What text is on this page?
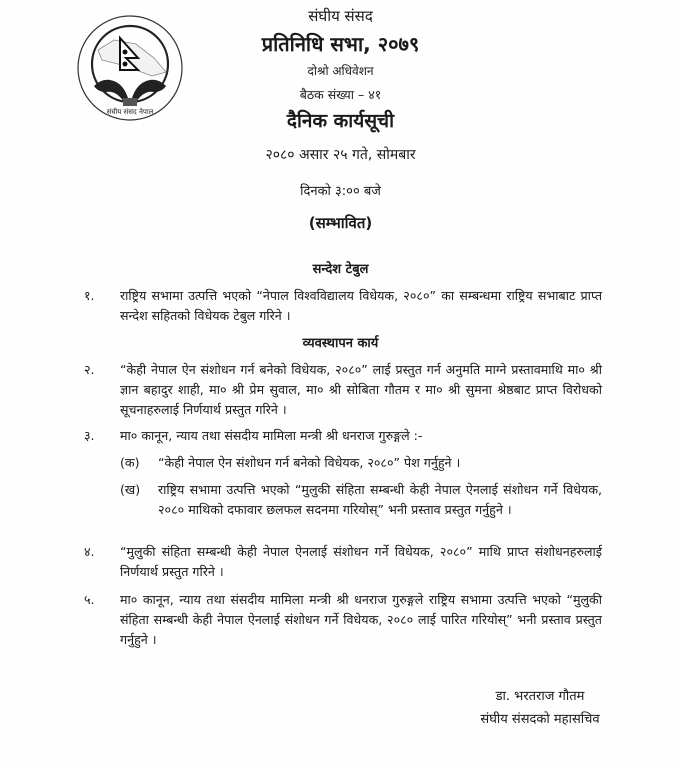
संघीय संसद नेपाल
संघीय संसद
प्रतिनिधि सभा, २०७९
दोश्रो अधिवेशन
बैठक संख्या – ४१
दैनिक कार्यसूची
२०८० असार २५ गते, सोमबार
दिनको ३:०० बजे
(सम्भावित)
सन्देश टेबुल
१.	राष्ट्रिय सभामा उत्पत्ति भएको “नेपाल विश्वविद्यालय विधेयक, २०८०” का सम्बन्धमा राष्ट्रिय सभाबाट प्राप्त सन्देश सहितको विधेयक टेबुल गरिने ।
व्यवस्थापन कार्य
२.	“केही नेपाल ऐन संशोधन गर्न बनेको विधेयक, २०८०” लाई प्रस्तुत गर्न अनुमति माग्ने प्रस्तावमाथि मा० श्री ज्ञान बहादुर शाही, मा० श्री प्रेम सुवाल, मा० श्री सोबिता गौतम र मा० श्री सुमना श्रेष्ठबाट प्राप्त विरोधको सूचनाहरुलाई निर्णयार्थ प्रस्तुत गरिने ।
३.	मा० कानून, न्याय तथा संसदीय मामिला मन्त्री श्री धनराज गुरुङ्गले :-
(क)	“केही नेपाल ऐन संशोधन गर्न बनेको विधेयक, २०८०” पेश गर्नुहुने ।
(ख)	राष्ट्रिय सभामा उत्पत्ति भएको “मुलुकी संहिता सम्बन्धी केही नेपाल ऐनलाई संशोधन गर्ने विधेयक, २०८० माथिको दफावार छलफल सदनमा गरियोस्” भनी प्रस्ताव प्रस्तुत गर्नुहुने ।
४.	“मुलुकी संहिता सम्बन्धी केही नेपाल ऐनलाई संशोधन गर्ने विधेयक, २०८०” माथि प्राप्त संशोधनहरुलाई निर्णयार्थ प्रस्तुत गरिने ।
५.	मा० कानून, न्याय तथा संसदीय मामिला मन्त्री श्री धनराज गुरुङ्गले राष्ट्रिय सभामा उत्पत्ति भएको “मुलुकी संहिता सम्बन्धी केही नेपाल ऐनलाई संशोधन गर्ने विधेयक, २०८० लाई पारित गरियोस्” भनी प्रस्ताव प्रस्तुत गर्नुहुने ।
डा. भरतराज गौतम
संघीय संसदको महासचिव
